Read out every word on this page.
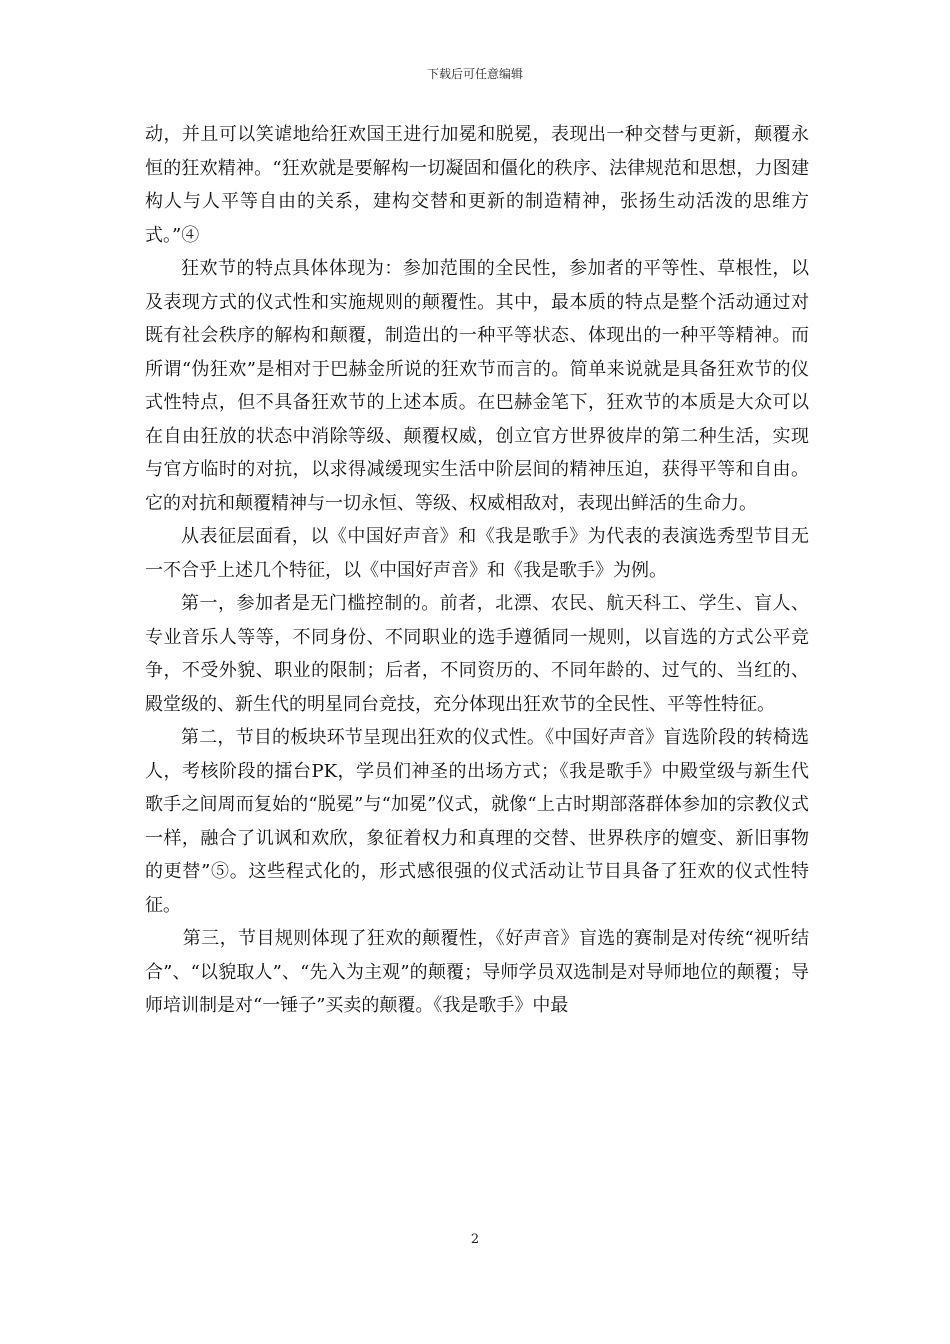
下载后可任意编辑

动，并且可以笑谑地给狂欢国王进行加冕和脱冕，表现出一种交替与更新，颠覆永恒的狂欢精神。“狂欢就是要解构一切凝固和僵化的秩序、法律规范和思想，力图建构人与人平等自由的关系，建构交替和更新的制造精神，张扬生动活泼的思维方式。”④

狂欢节的特点具体体现为：参加范围的全民性，参加者的平等性、草根性，以及表现方式的仪式性和实施规则的颠覆性。其中，最本质的特点是整个活动通过对既有社会秩序的解构和颠覆，制造出的一种平等状态、体现出的一种平等精神。而所谓“伪狂欢”是相对于巴赫金所说的狂欢节而言的。简单来说就是具备狂欢节的仪式性特点，但不具备狂欢节的上述本质。在巴赫金笔下，狂欢节的本质是大众可以在自由狂放的状态中消除等级、颠覆权威，创立官方世界彼岸的第二种生活，实现与官方临时的对抗，以求得减缓现实生活中阶层间的精神压迫，获得平等和自由。它的对抗和颠覆精神与一切永恒、等级、权威相敌对，表现出鲜活的生命力。

从表征层面看，以《中国好声音》和《我是歌手》为代表的表演选秀型节目无一不合乎上述几个特征，以《中国好声音》和《我是歌手》为例。

第一，参加者是无门槛控制的。前者，北漂、农民、航天科工、学生、盲人、专业音乐人等等，不同身份、不同职业的选手遵循同一规则，以盲选的方式公平竞争，不受外貌、职业的限制；后者，不同资历的、不同年龄的、过气的、当红的、殿堂级的、新生代的明星同台竞技，充分体现出狂欢节的全民性、平等性特征。

第二，节目的板块环节呈现出狂欢的仪式性。《中国好声音》盲选阶段的转椅选人，考核阶段的擂台PK，学员们神圣的出场方式；《我是歌手》中殿堂级与新生代歌手之间周而复始的“脱冕”与“加冕”仪式，就像“上古时期部落群体参加的宗教仪式一样，融合了讥讽和欢欣，象征着权力和真理的交替、世界秩序的嬗变、新旧事物的更替”⑤。这些程式化的，形式感很强的仪式活动让节目具备了狂欢的仪式性特征。

第三，节目规则体现了狂欢的颠覆性，《好声音》盲选的赛制是对传统“视听结合”、“以貌取人”、“先入为主观”的颠覆；导师学员双选制是对导师地位的颠覆；导师培训制是对“一锤子”买卖的颠覆。《我是歌手》中最

2
